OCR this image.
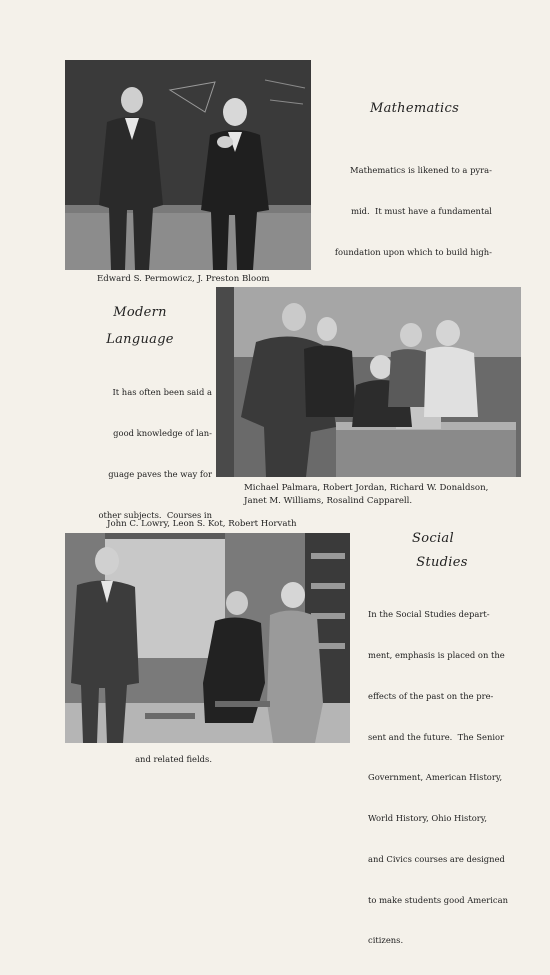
Mathematics

Mathematics is likened to a pyra-

mid.  It must have a fundamental

foundation upon which to build high-

Edward S. Permowicz, J. Preston Bloom
Modern
Language

It has often been said a

good knowledge of lan-

guage paves the way for

other subjects.  Courses in

and related fields.

Michael Palmara, Robert Jordan, Richard W. Donaldson,
Janet M. Williams, Rosalind Capparell.
John C. Lowry, Leon S. Kot, Robert Horvath
Social
Studies

In the Social Studies depart-

ment, emphasis is placed on the

effects of the past on the pre-

sent and the future.  The Senior

Government, American History,

World History, Ohio History,

and Civics courses are designed

to make students good American

citizens.
